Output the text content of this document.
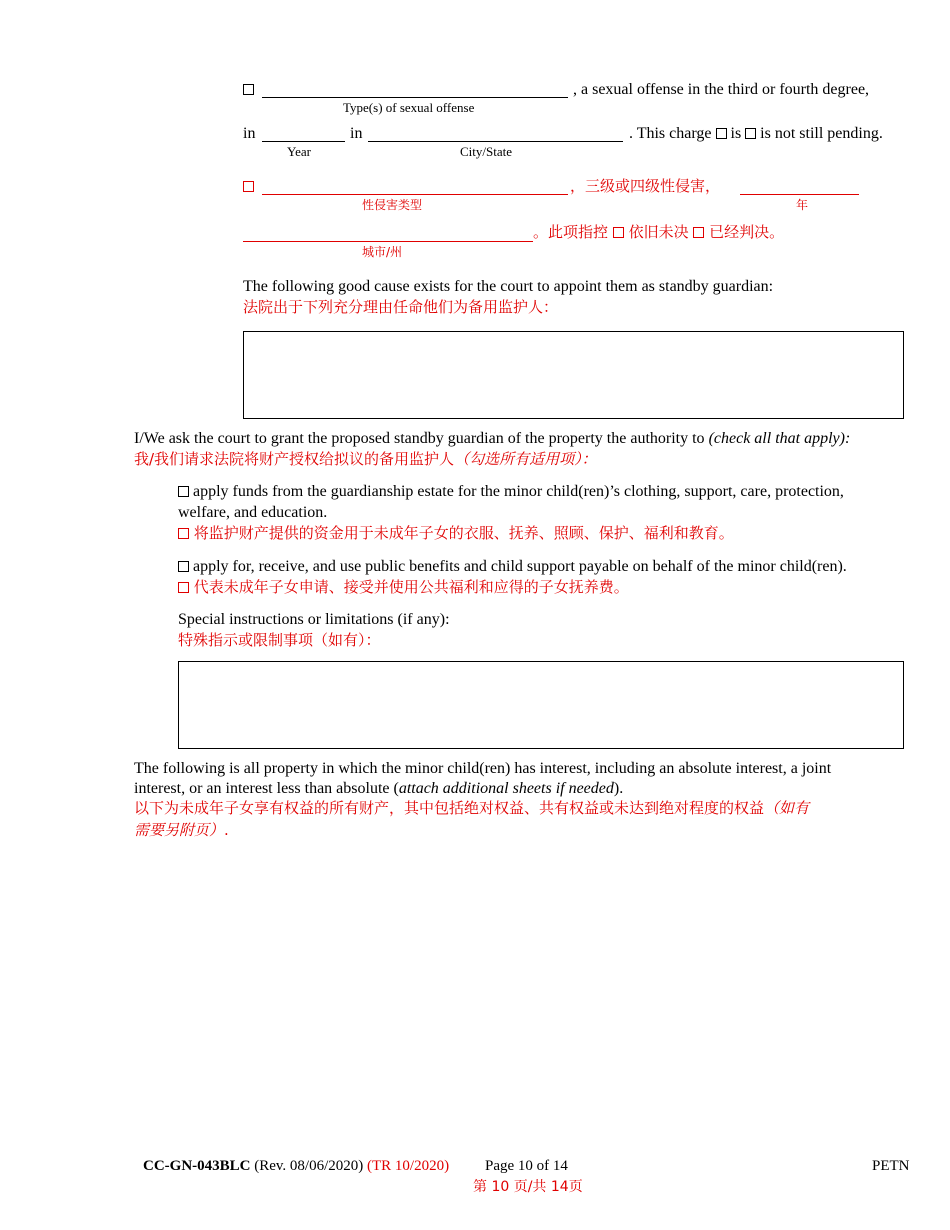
, a sexual offense in the third or fourth degree,
Type(s) of sexual offense
in	in	. This charge is is not still pending.
Year	City/State
，三级或四级性侵害，
性侵害类型	年
。此项指控 依旧未决 已经判决。
城市/州
The following good cause exists for the court to appoint them as standby guardian:
法院出于下列充分理由任命他们为备用监护人：
I/We ask the court to grant the proposed standby guardian of the property the authority to (check all that apply):
我/我们请求法院将财产授权给拟议的备用监护人（勾选所有适用项）：
apply funds from the guardianship estate for the minor child(ren)’s clothing, support, care, protection,
welfare, and education.
将监护财产提供的资金用于未成年子女的衣服、抚养、照顾、保护、福利和教育。
apply for, receive, and use public benefits and child support payable on behalf of the minor child(ren).
代表未成年子女申请、接受并使用公共福利和应得的子女抚养费。
Special instructions or limitations (if any):
特殊指示或限制事项（如有）：
The following is all property in which the minor child(ren) has interest, including an absolute interest, a joint
interest, or an interest less than absolute (attach additional sheets if needed).
以下为未成年子女享有权益的所有财产，其中包括绝对权益、共有权益或未达到绝对程度的权益（如有
需要另附页）.
CC-GN-043BLC (Rev. 08/06/2020) (TR 10/2020) Page 10 of 14
第 10 页/共 14页
PETN
